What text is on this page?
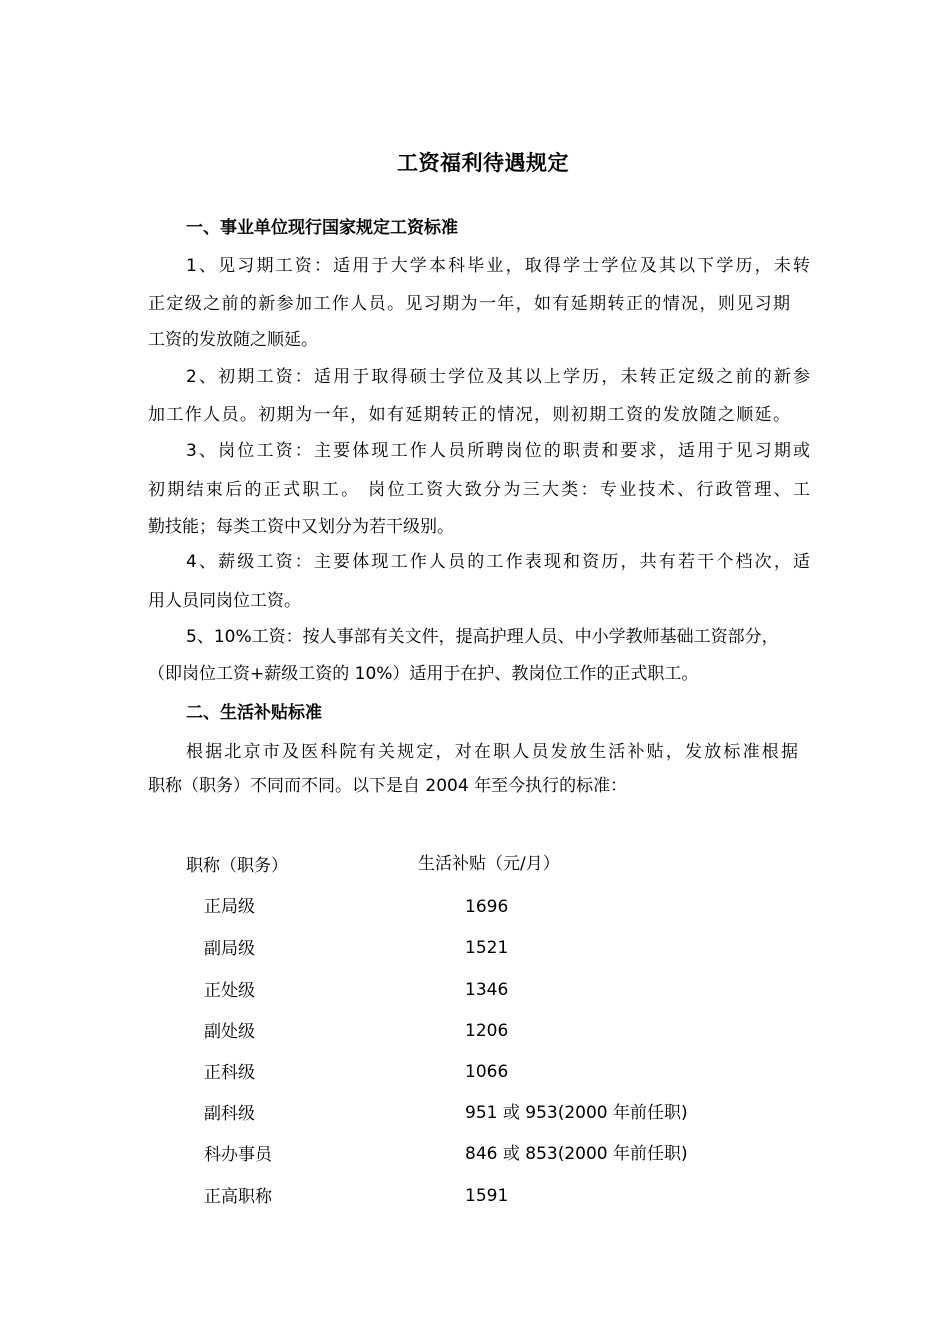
工资福利待遇规定
一、事业单位现行国家规定工资标准
1、见习期工资：适用于大学本科毕业，取得学士学位及其以下学历，未转
正定级之前的新参加工作人员。见习期为一年，如有延期转正的情况，则见习期
工资的发放随之顺延。
2、初期工资：适用于取得硕士学位及其以上学历，未转正定级之前的新参
加工作人员。初期为一年，如有延期转正的情况，则初期工资的发放随之顺延。
3、岗位工资：主要体现工作人员所聘岗位的职责和要求，适用于见习期或
初期结束后的正式职工。 岗位工资大致分为三大类：专业技术、行政管理、工
勤技能；每类工资中又划分为若干级别。
4、薪级工资：主要体现工作人员的工作表现和资历，共有若干个档次，适
用人员同岗位工资。
5、10%工资：按人事部有关文件，提高护理人员、中小学教师基础工资部分，
（即岗位工资+薪级工资的 10%）适用于在护、教岗位工作的正式职工。
二、生活补贴标准
根据北京市及医科院有关规定，对在职人员发放生活补贴，发放标准根据
职称（职务）不同而不同。以下是自 2004 年至今执行的标准：
职称（职务）	生活补贴（元/月）
正局级	1696
副局级	1521
正处级	1346
副处级	1206
正科级	1066
副科级	951 或 953(2000 年前任职)
科办事员	846 或 853(2000 年前任职)
正高职称	1591
